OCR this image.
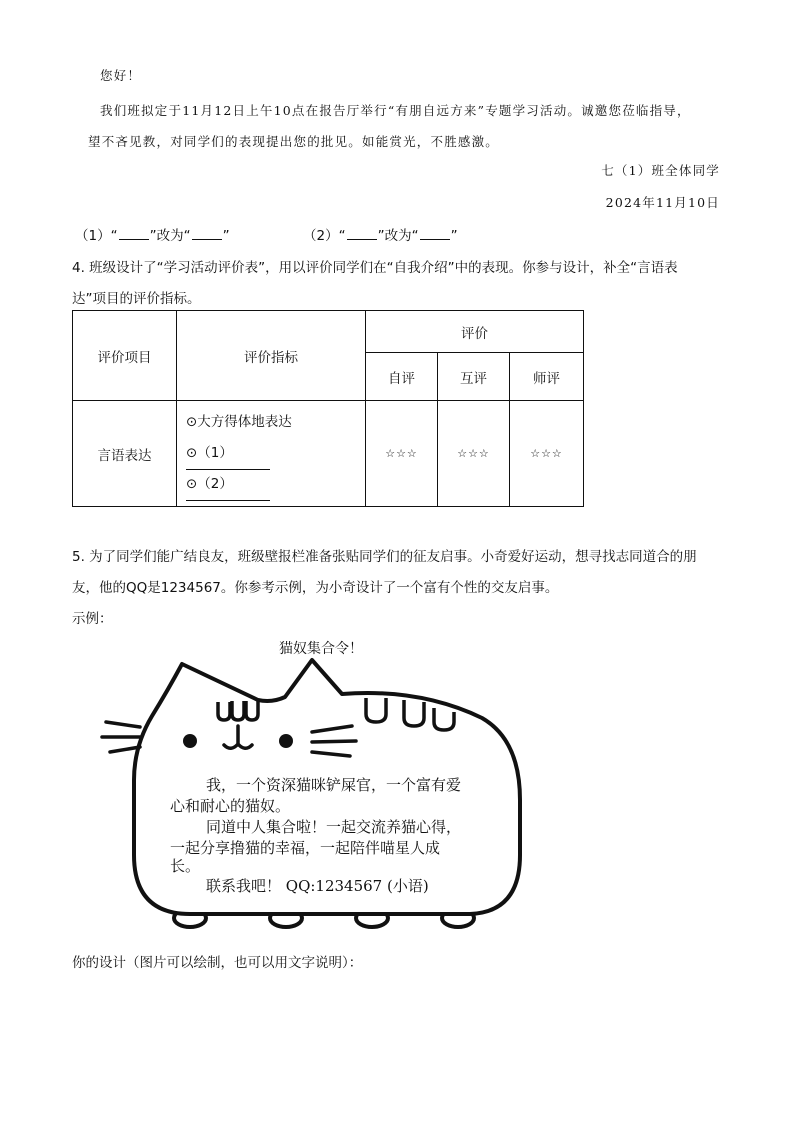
您好！
我们班拟定于11月12日上午10点在报告厅举行“有朋自远方来”专题学习活动。诚邀您莅临指导，
望不吝见教，对同学们的表现提出您的批见。如能赏光，不胜感激。
七（1）班全体同学
2024年11月10日
（1）“ ”改为“ ”	（2）“ ”改为“ ”
4. 班级设计了“学习活动评价表”，用以评价同学们在“自我介绍”中的表现。你参与设计，补全“言语表
达”项目的评价指标。
评价项目	评价指标	评价		
		自评	互评	师评
言语表达	⊙大方得体地表达
⊙（1）
⊙（2）	☆☆☆	☆☆☆	☆☆☆
5. 为了同学们能广结良友，班级壁报栏准备张贴同学们的征友启事。小奇爱好运动，想寻找志同道合的朋
友，他的QQ是1234567。你参考示例，为小奇设计了一个富有个性的交友启事。
示例：
猫奴集合令！
我，一个资深猫咪铲屎官，一个富有爱
心和耐心的猫奴。
同道中人集合啦！一起交流养猫心得，
一起分享撸猫的幸福，一起陪伴喵星人成
长。
联系我吧！ QQ:1234567 (小语)
你的设计（图片可以绘制，也可以用文字说明）：
